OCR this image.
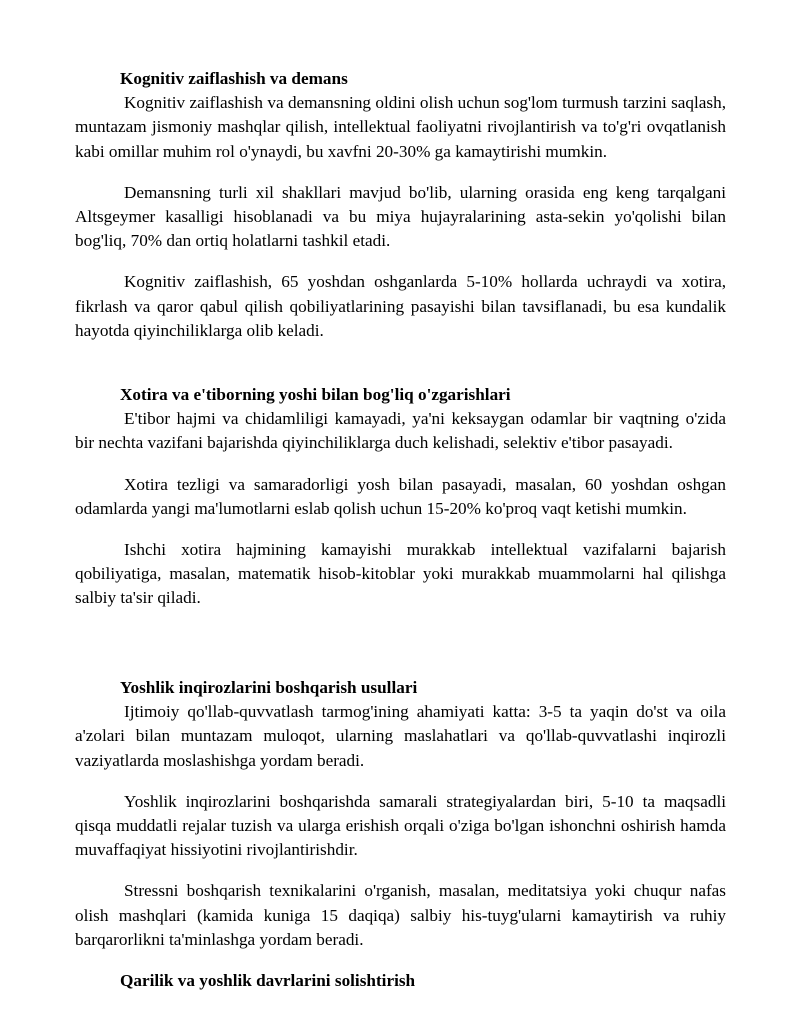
Kognitiv zaiflashish va demans

Kognitiv zaiflashish va demansning oldini olish uchun sog'lom turmush tarzini saqlash, muntazam jismoniy mashqlar qilish, intellektual faoliyatni rivojlantirish va to'g'ri ovqatlanish kabi omillar muhim rol o'ynaydi, bu xavfni 20-30% ga kamaytirishi mumkin.

Demansning turli xil shakllari mavjud bo'lib, ularning orasida eng keng tarqalgani Altsgeymer kasalligi hisoblanadi va bu miya hujayralarining asta-sekin yo'qolishi bilan bog'liq, 70% dan ortiq holatlarni tashkil etadi.

Kognitiv zaiflashish, 65 yoshdan oshganlarda 5-10% hollarda uchraydi va xotira, fikrlash va qaror qabul qilish qobiliyatlarining pasayishi bilan tavsiflanadi, bu esa kundalik hayotda qiyinchiliklarga olib keladi.

Xotira va e'tiborning yoshi bilan bog'liq o'zgarishlari

E'tibor hajmi va chidamliligi kamayadi, ya'ni keksaygan odamlar bir vaqtning o'zida bir nechta vazifani bajarishda qiyinchiliklarga duch kelishadi, selektiv e'tibor pasayadi.

Xotira tezligi va samaradorligi yosh bilan pasayadi, masalan, 60 yoshdan oshgan odamlarda yangi ma'lumotlarni eslab qolish uchun 15-20% ko'proq vaqt ketishi mumkin.

Ishchi xotira hajmining kamayishi murakkab intellektual vazifalarni bajarish qobiliyatiga, masalan, matematik hisob-kitoblar yoki murakkab muammolarni hal qilishga salbiy ta'sir qiladi.

Yoshlik inqirozlarini boshqarish usullari

Ijtimoiy qo'llab-quvvatlash tarmog'ining ahamiyati katta: 3-5 ta yaqin do'st va oila a'zolari bilan muntazam muloqot, ularning maslahatlari va qo'llab-quvvatlashi inqirozli vaziyatlarda moslashishga yordam beradi.

Yoshlik inqirozlarini boshqarishda samarali strategiyalardan biri, 5-10 ta maqsadli qisqa muddatli rejalar tuzish va ularga erishish orqali o'ziga bo'lgan ishonchni oshirish hamda muvaffaqiyat hissiyotini rivojlantirishdir.

Stressni boshqarish texnikalarini o'rganish, masalan, meditatsiya yoki chuqur nafas olish mashqlari (kamida kuniga 15 daqiqa) salbiy his-tuyg'ularni kamaytirish va ruhiy barqarorlikni ta'minlashga yordam beradi.

Qarilik va yoshlik davrlarini solishtirish
